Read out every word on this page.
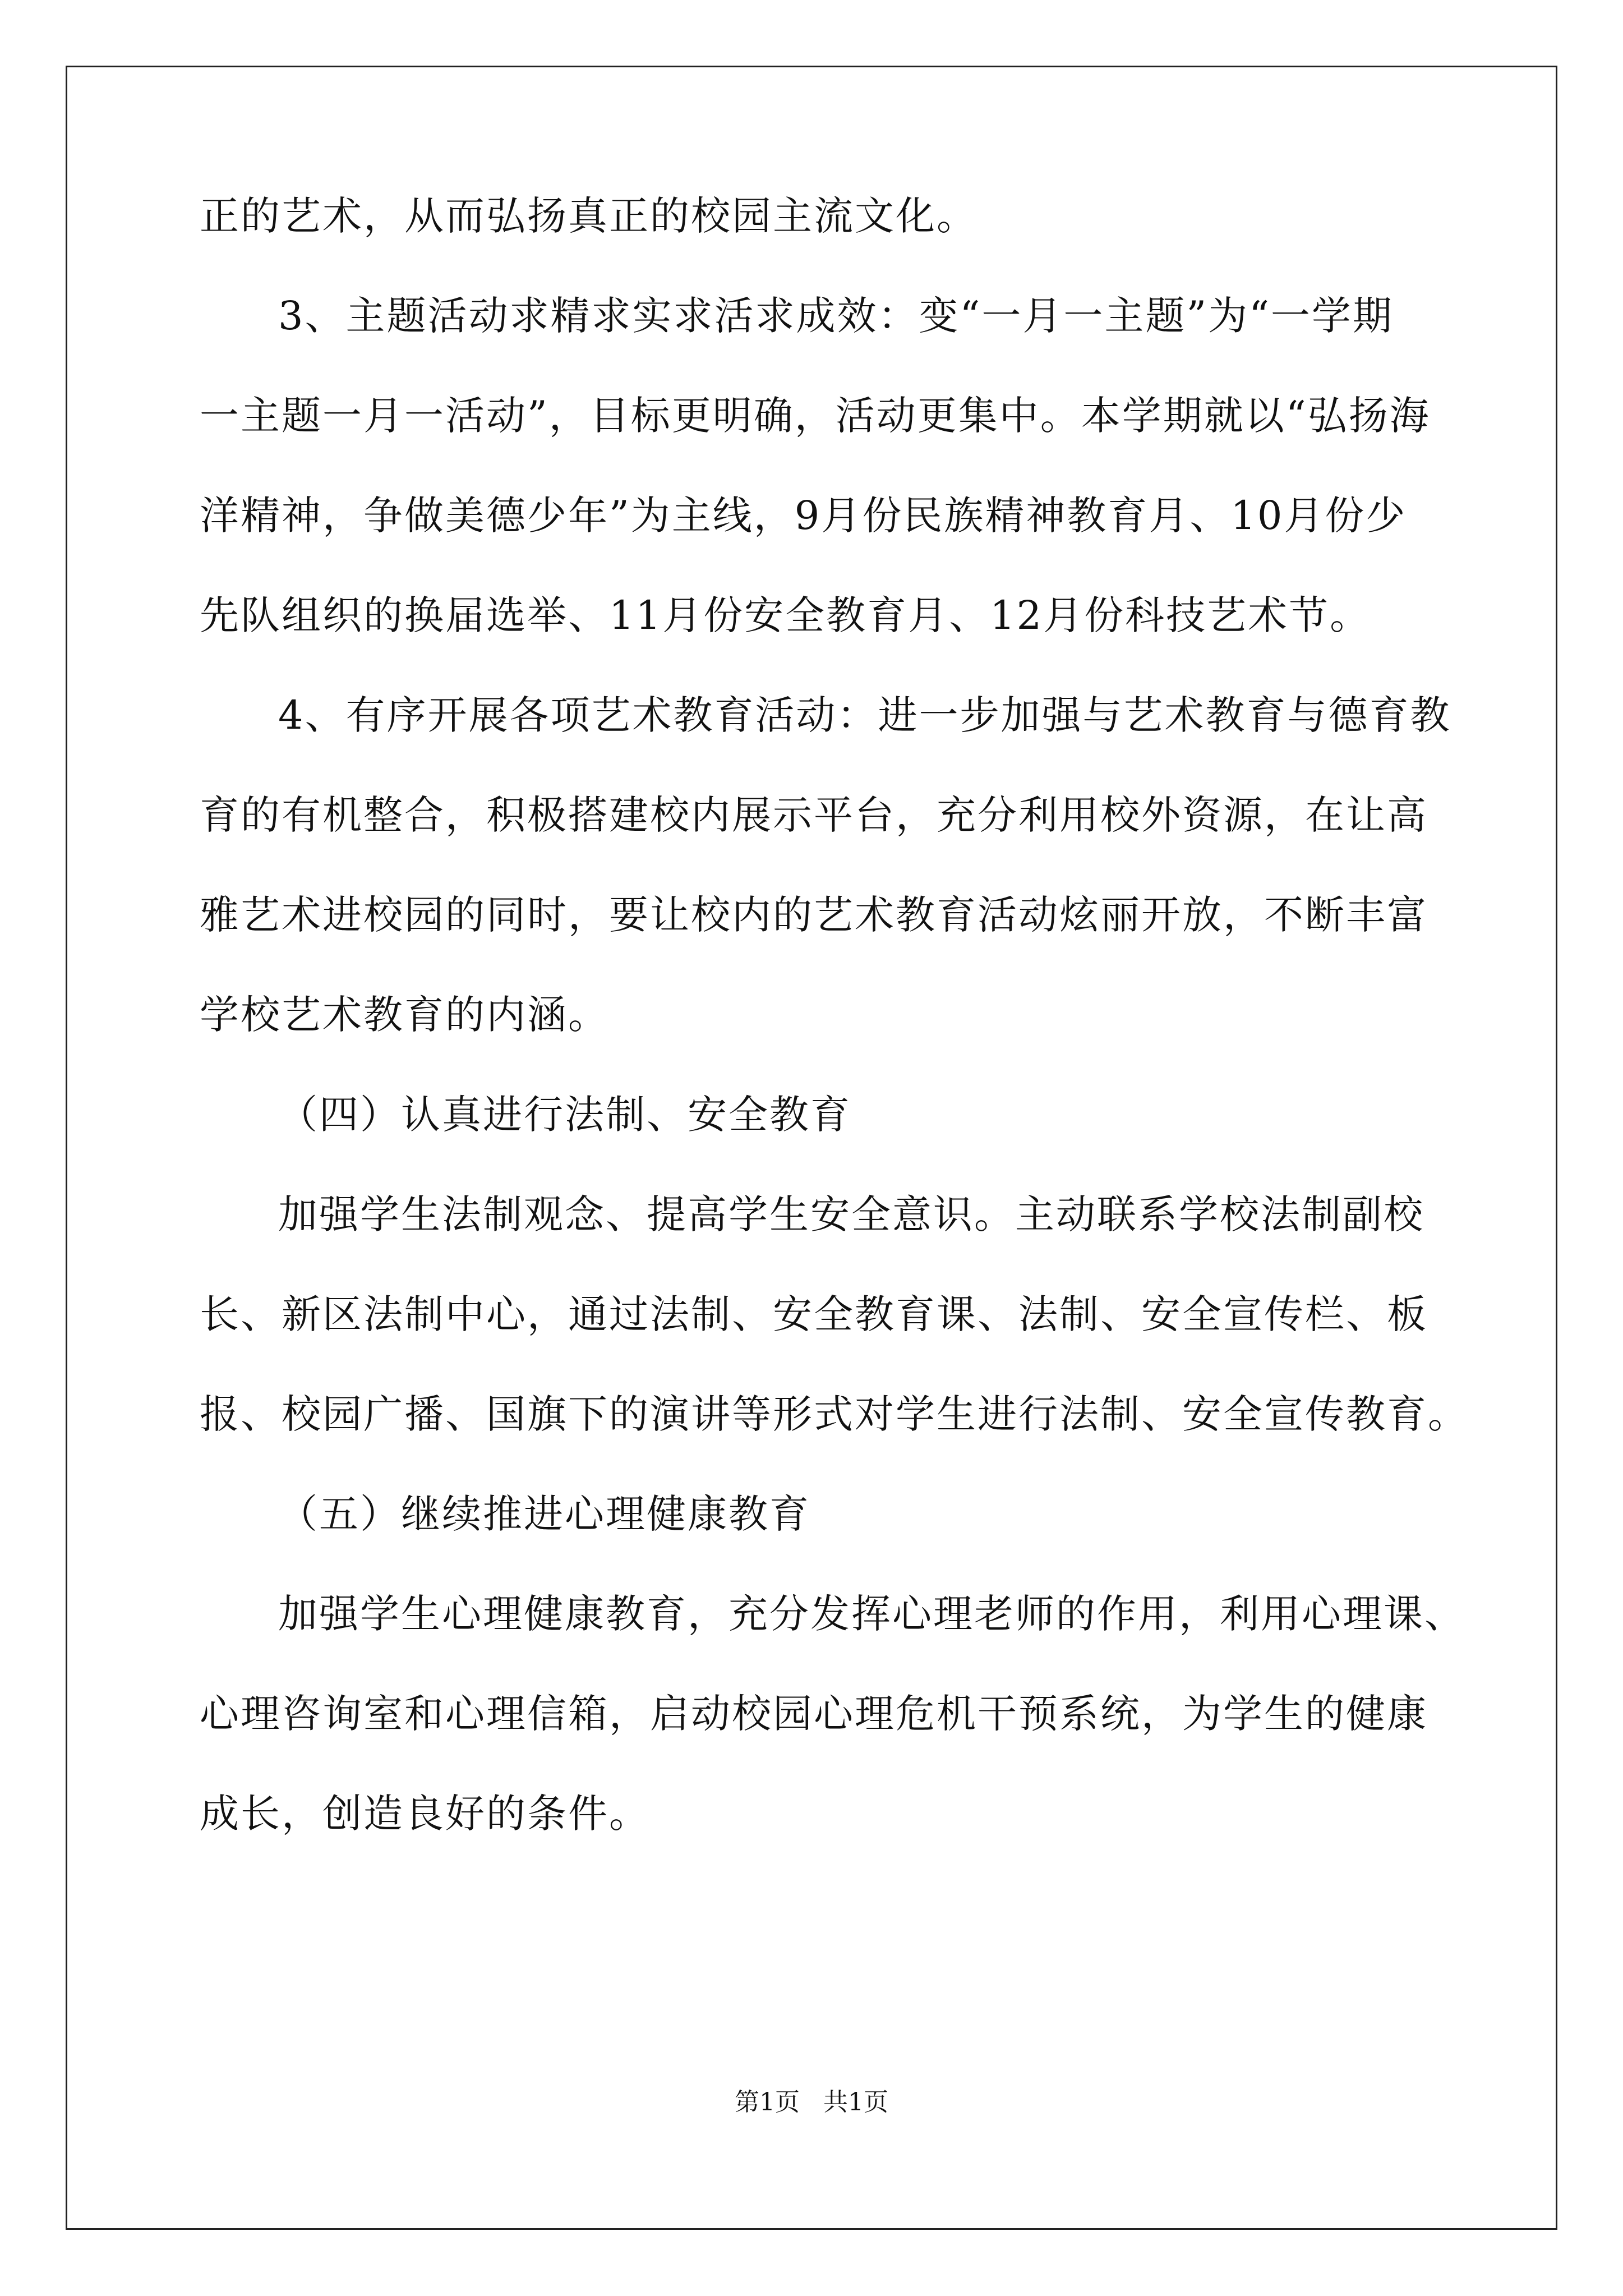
正的艺术，从而弘扬真正的校园主流文化。
3、主题活动求精求实求活求成效：变“一月一主题”为“一学期
一主题一月一活动”，目标更明确，活动更集中。本学期就以“弘扬海
洋精神，争做美德少年”为主线，9月份民族精神教育月、10月份少
先队组织的换届选举、11月份安全教育月、12月份科技艺术节。
4、有序开展各项艺术教育活动：进一步加强与艺术教育与德育教
育的有机整合，积极搭建校内展示平台，充分利用校外资源，在让高
雅艺术进校园的同时，要让校内的艺术教育活动炫丽开放，不断丰富
学校艺术教育的内涵。
（四）认真进行法制、安全教育
加强学生法制观念、提高学生安全意识。主动联系学校法制副校
长、新区法制中心，通过法制、安全教育课、法制、安全宣传栏、板
报、校园广播、国旗下的演讲等形式对学生进行法制、安全宣传教育。
（五）继续推进心理健康教育
加强学生心理健康教育，充分发挥心理老师的作用，利用心理课、
心理咨询室和心理信箱，启动校园心理危机干预系统，为学生的健康
成长，创造良好的条件。
第1页   共1页
